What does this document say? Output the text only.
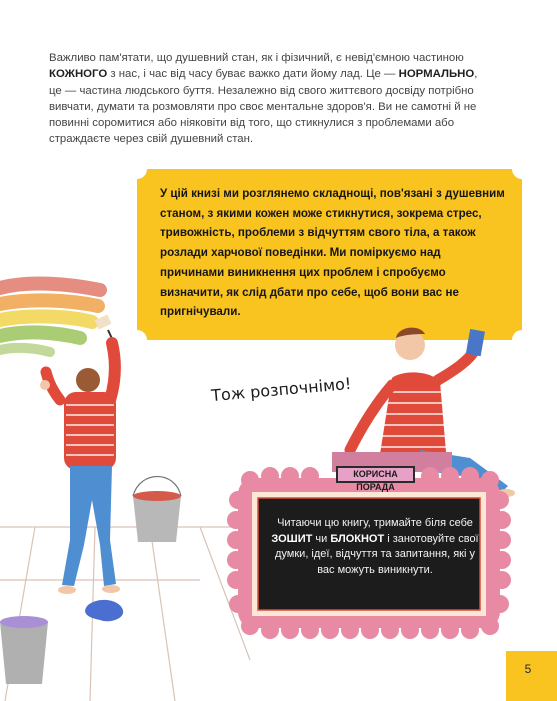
Важливо пам'ятати, що душевний стан, як і фізичний, є невід'ємною частиною КОЖНОГО з нас, і час від часу буває важко дати йому лад. Це — НОРМАЛЬНО, це — частина людського буття. Незалежно від свого життєвого досвіду потрібно вивчати, думати та розмовляти про своє ментальне здоров'я. Ви не самотні й не повинні соромитися або ніяковіти від того, що стикнулися з проблемами або страждаєте через свій душевний стан.

У цій книзі ми розглянемо складнощі, пов'язані з душевним станом, з якими кожен може стикнутися, зокрема стрес, тривожність, проблеми з відчуттям свого тіла, а також розлади харчової поведінки. Ми поміркуємо над причинами виникнення цих проблем і спробуємо визначити, як слід дбати про себе, щоб вони вас не пригнічували.

Тож розпочнімо!
КОРИСНА ПОРАДА

Читаючи цю книгу, тримайте біля себе ЗОШИТ чи БЛОКНОТ і занотовуйте свої думки, ідеї, відчуття та запитання, які у вас можуть виникнути.

5
